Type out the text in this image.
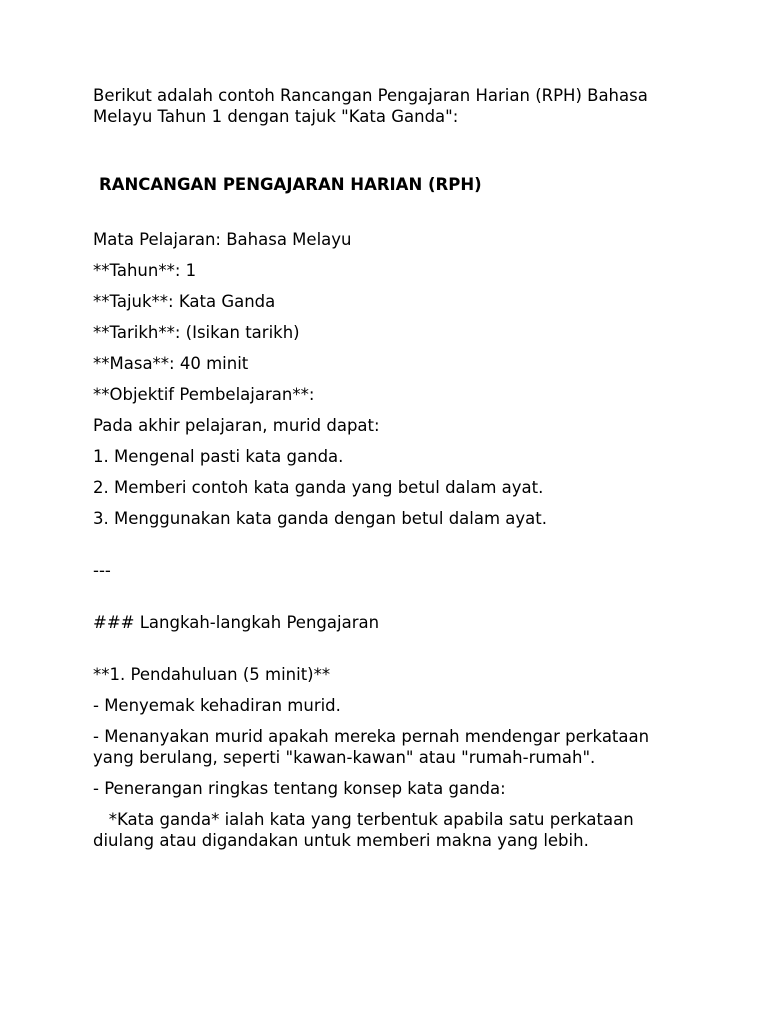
Berikut adalah contoh Rancangan Pengajaran Harian (RPH) Bahasa Melayu Tahun 1 dengan tajuk "Kata Ganda":

RANCANGAN PENGAJARAN HARIAN (RPH)

Mata Pelajaran: Bahasa Melayu

**Tahun**: 1

**Tajuk**: Kata Ganda

**Tarikh**: (Isikan tarikh)

**Masa**: 40 minit

**Objektif Pembelajaran**:

Pada akhir pelajaran, murid dapat:

1. Mengenal pasti kata ganda.

2. Memberi contoh kata ganda yang betul dalam ayat.

3. Menggunakan kata ganda dengan betul dalam ayat.

---

### Langkah-langkah Pengajaran

**1. Pendahuluan (5 minit)**

- Menyemak kehadiran murid.

- Menanyakan murid apakah mereka pernah mendengar perkataan yang berulang, seperti "kawan-kawan" atau "rumah-rumah".

- Penerangan ringkas tentang konsep kata ganda:

*Kata ganda* ialah kata yang terbentuk apabila satu perkataan diulang atau digandakan untuk memberi makna yang lebih.
